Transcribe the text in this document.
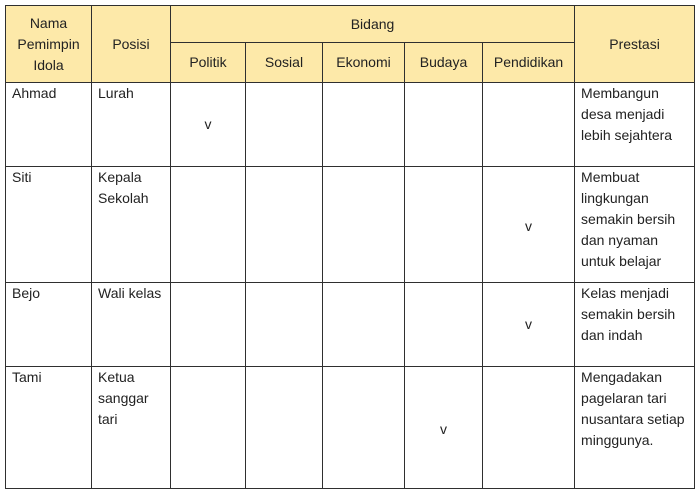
Nama Pemimpin Idola	Posisi	Bidang					Prestasi
		Politik	Sosial	Ekonomi	Budaya	Pendidikan	
Ahmad	Lurah	v					Membangun desa menjadi lebih sejahtera
Siti	Kepala Sekolah					v	Membuat lingkungan semakin bersih dan nyaman untuk belajar
Bejo	Wali kelas					v	Kelas menjadi semakin bersih dan indah
Tami	Ketua sanggar tari				v		Mengadakan pagelaran tari nusantara setiap minggunya.
